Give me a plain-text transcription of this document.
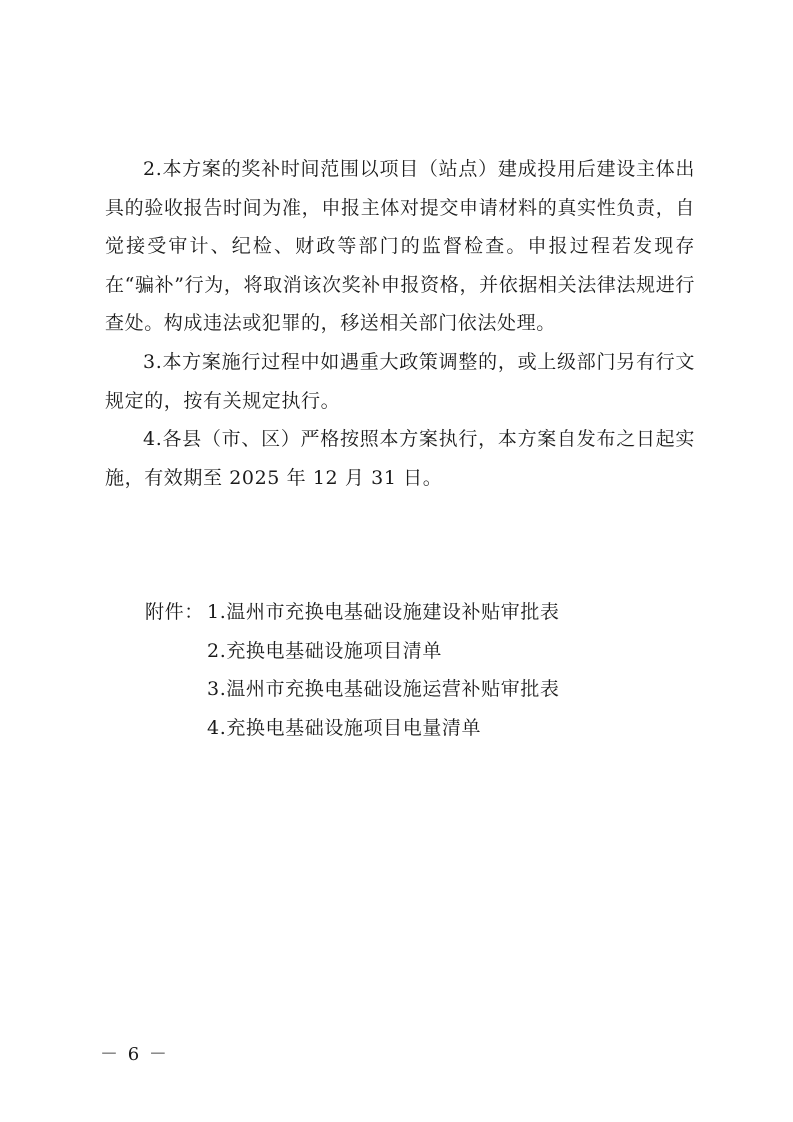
2.本方案的奖补时间范围以项目（站点）建成投用后建设主体出具的验收报告时间为准，申报主体对提交申请材料的真实性负责，自觉接受审计、纪检、财政等部门的监督检查。申报过程若发现存在“骗补”行为，将取消该次奖补申报资格，并依据相关法律法规进行查处。构成违法或犯罪的，移送相关部门依法处理。

3.本方案施行过程中如遇重大政策调整的，或上级部门另有行文规定的，按有关规定执行。

4.各县（市、区）严格按照本方案执行，本方案自发布之日起实施，有效期至 2025 年 12 月 31 日。

附件： 1.温州市充换电基础设施建设补贴审批表
2.充换电基础设施项目清单
3.温州市充换电基础设施运营补贴审批表
4.充换电基础设施项目电量清单
－ 6 －
